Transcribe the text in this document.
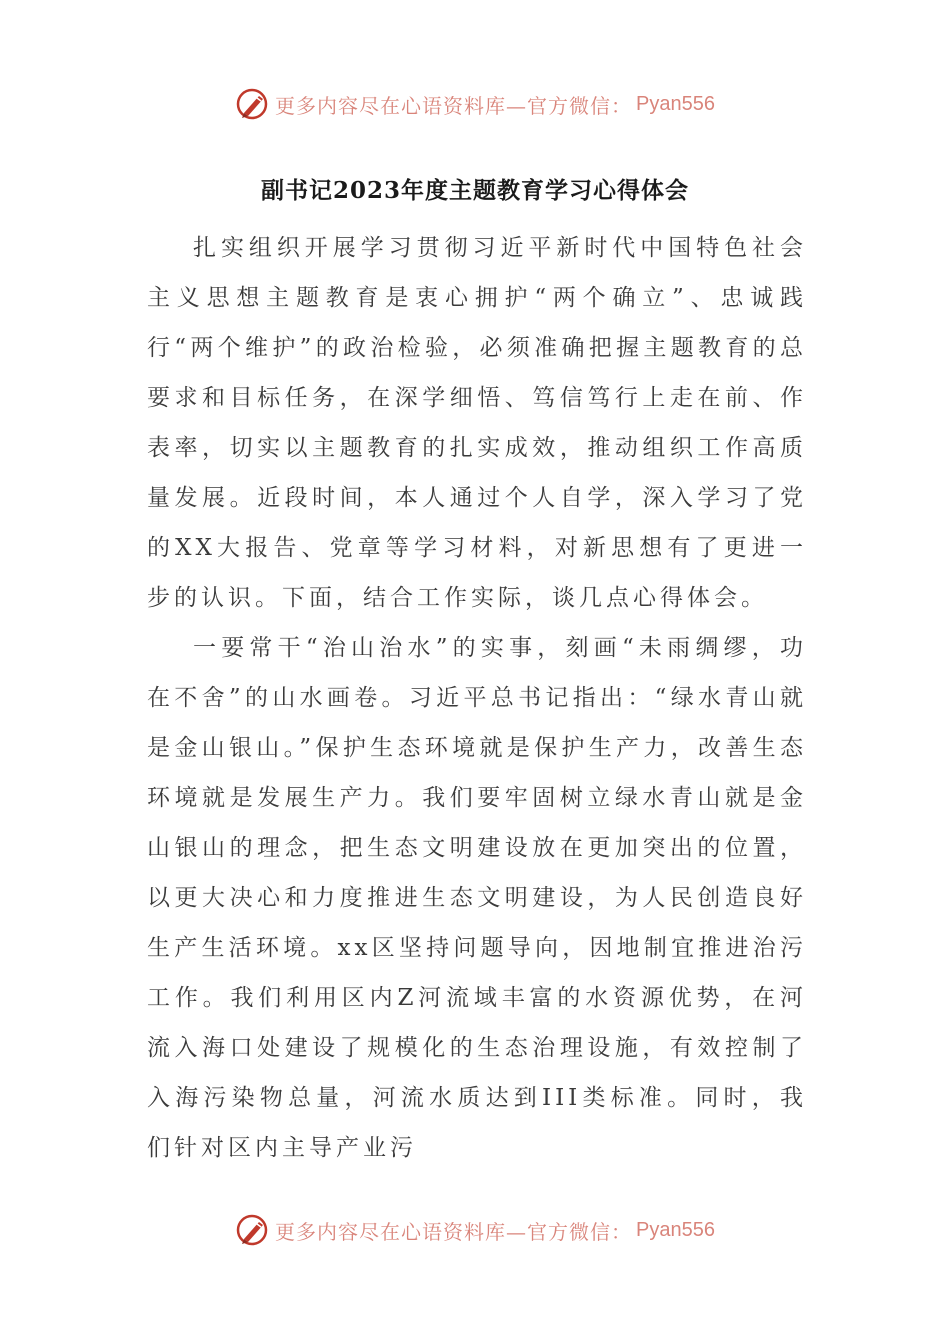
更多内容尽在心语资料库—官方微信： Pyan556
副书记2023年度主题教育学习心得体会

扎实组织开展学习贯彻习近平新时代中国特色社会主义思想主题教育是衷心拥护“两个确立”、忠诚践行“两个维护”的政治检验，必须准确把握主题教育的总要求和目标任务，在深学细悟、笃信笃行上走在前、作表率，切实以主题教育的扎实成效，推动组织工作高质量发展。近段时间，本人通过个人自学，深入学习了党的XX大报告、党章等学习材料，对新思想有了更进一步的认识。下面，结合工作实际，谈几点心得体会。

一要常干“治山治水”的实事，刻画“未雨绸缪，功在不舍”的山水画卷。习近平总书记指出：“绿水青山就是金山银山。”保护生态环境就是保护生产力，改善生态环境就是发展生产力。我们要牢固树立绿水青山就是金山银山的理念，把生态文明建设放在更加突出的位置，以更大决心和力度推进生态文明建设，为人民创造良好生产生活环境。xx区坚持问题导向，因地制宜推进治污工作。我们利用区内Z河流域丰富的水资源优势，在河流入海口处建设了规模化的生态治理设施，有效控制了入海污染物总量，河流水质达到III类标准。同时，我们针对区内主导产业污

更多内容尽在心语资料库—官方微信： Pyan556
